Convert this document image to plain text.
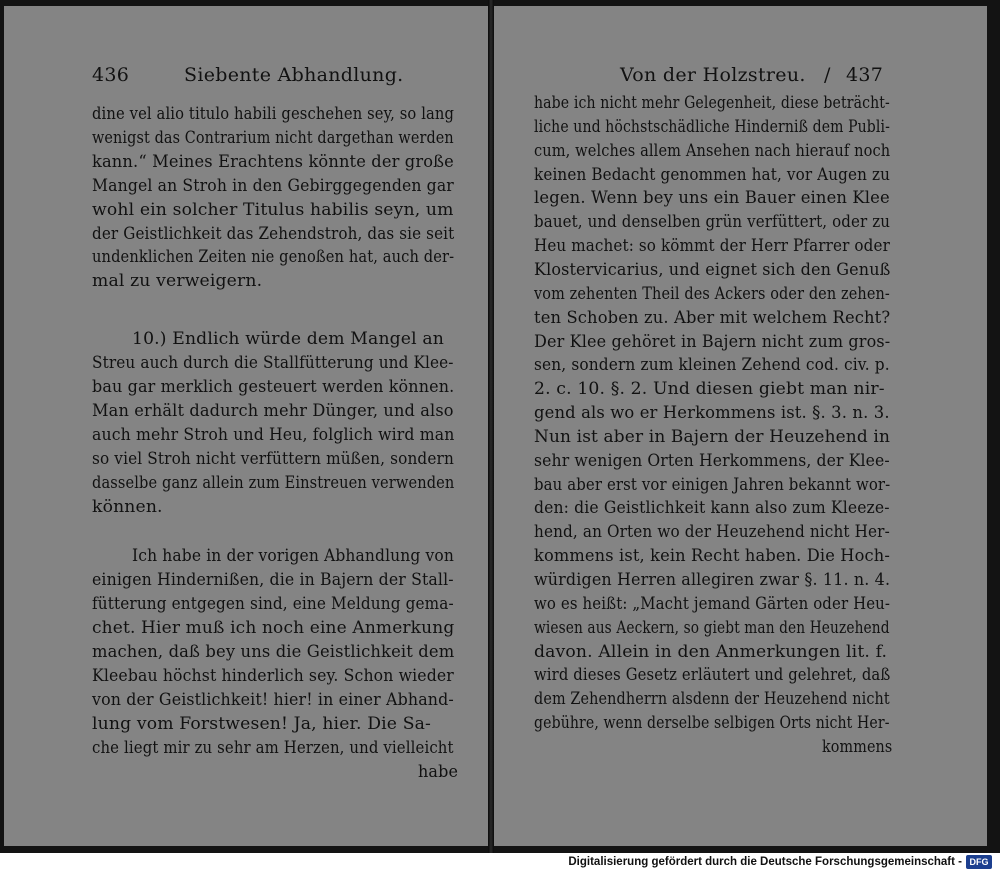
436	Siebente Abhandlung.
dine vel alio titulo habili geschehen sey, so lang
wenigst das Contrarium nicht dargethan werden
kann.“ Meines Erachtens könnte der große
Mangel an Stroh in den Gebirggegenden gar
wohl ein solcher Titulus habilis seyn, um
der Geistlichkeit das Zehendstroh, das sie seit
undenklichen Zeiten nie genoßen hat, auch der-
mal zu verweigern.
10.) Endlich würde dem Mangel an
Streu auch durch die Stallfütterung und Klee-
bau gar merklich gesteuert werden können.
Man erhält dadurch mehr Dünger, und also
auch mehr Stroh und Heu, folglich wird man
so viel Stroh nicht verfüttern müßen, sondern
dasselbe ganz allein zum Einstreuen verwenden
können.
Ich habe in der vorigen Abhandlung von
einigen Hindernißen, die in Bajern der Stall-
fütterung entgegen sind, eine Meldung gema-
chet. Hier muß ich noch eine Anmerkung
machen, daß bey uns die Geistlichkeit dem
Kleebau höchst hinderlich sey. Schon wieder
von der Geistlichkeit! hier! in einer Abhand-
lung vom Forstwesen! Ja, hier. Die Sa-
che liegt mir zu sehr am Herzen, und vielleicht
habe
Von der Holzstreu. / 437
habe ich nicht mehr Gelegenheit, diese beträcht-
liche und höchstschädliche Hinderniß dem Publi-
cum, welches allem Ansehen nach hierauf noch
keinen Bedacht genommen hat, vor Augen zu
legen. Wenn bey uns ein Bauer einen Klee
bauet, und denselben grün verfüttert, oder zu
Heu machet: so kömmt der Herr Pfarrer oder
Klostervicarius, und eignet sich den Genuß
vom zehenten Theil des Ackers oder den zehen-
ten Schoben zu. Aber mit welchem Recht?
Der Klee gehöret in Bajern nicht zum gros-
sen, sondern zum kleinen Zehend cod. civ. p.
2. c. 10. §. 2. Und diesen giebt man nir-
gend als wo er Herkommens ist. §. 3. n. 3.
Nun ist aber in Bajern der Heuzehend in
sehr wenigen Orten Herkommens, der Klee-
bau aber erst vor einigen Jahren bekannt wor-
den: die Geistlichkeit kann also zum Kleeze-
hend, an Orten wo der Heuzehend nicht Her-
kommens ist, kein Recht haben. Die Hoch-
würdigen Herren allegiren zwar §. 11. n. 4.
wo es heißt: „Macht jemand Gärten oder Heu-
wiesen aus Aeckern, so giebt man den Heuzehend
davon. Allein in den Anmerkungen lit. f.
wird dieses Gesetz erläutert und gelehret, daß
dem Zehendherrn alsdenn der Heuzehend nicht
gebühre, wenn derselbe selbigen Orts nicht Her-
kommens
Digitalisierung gefördert durch die Deutsche Forschungsgemeinschaft - DFG
